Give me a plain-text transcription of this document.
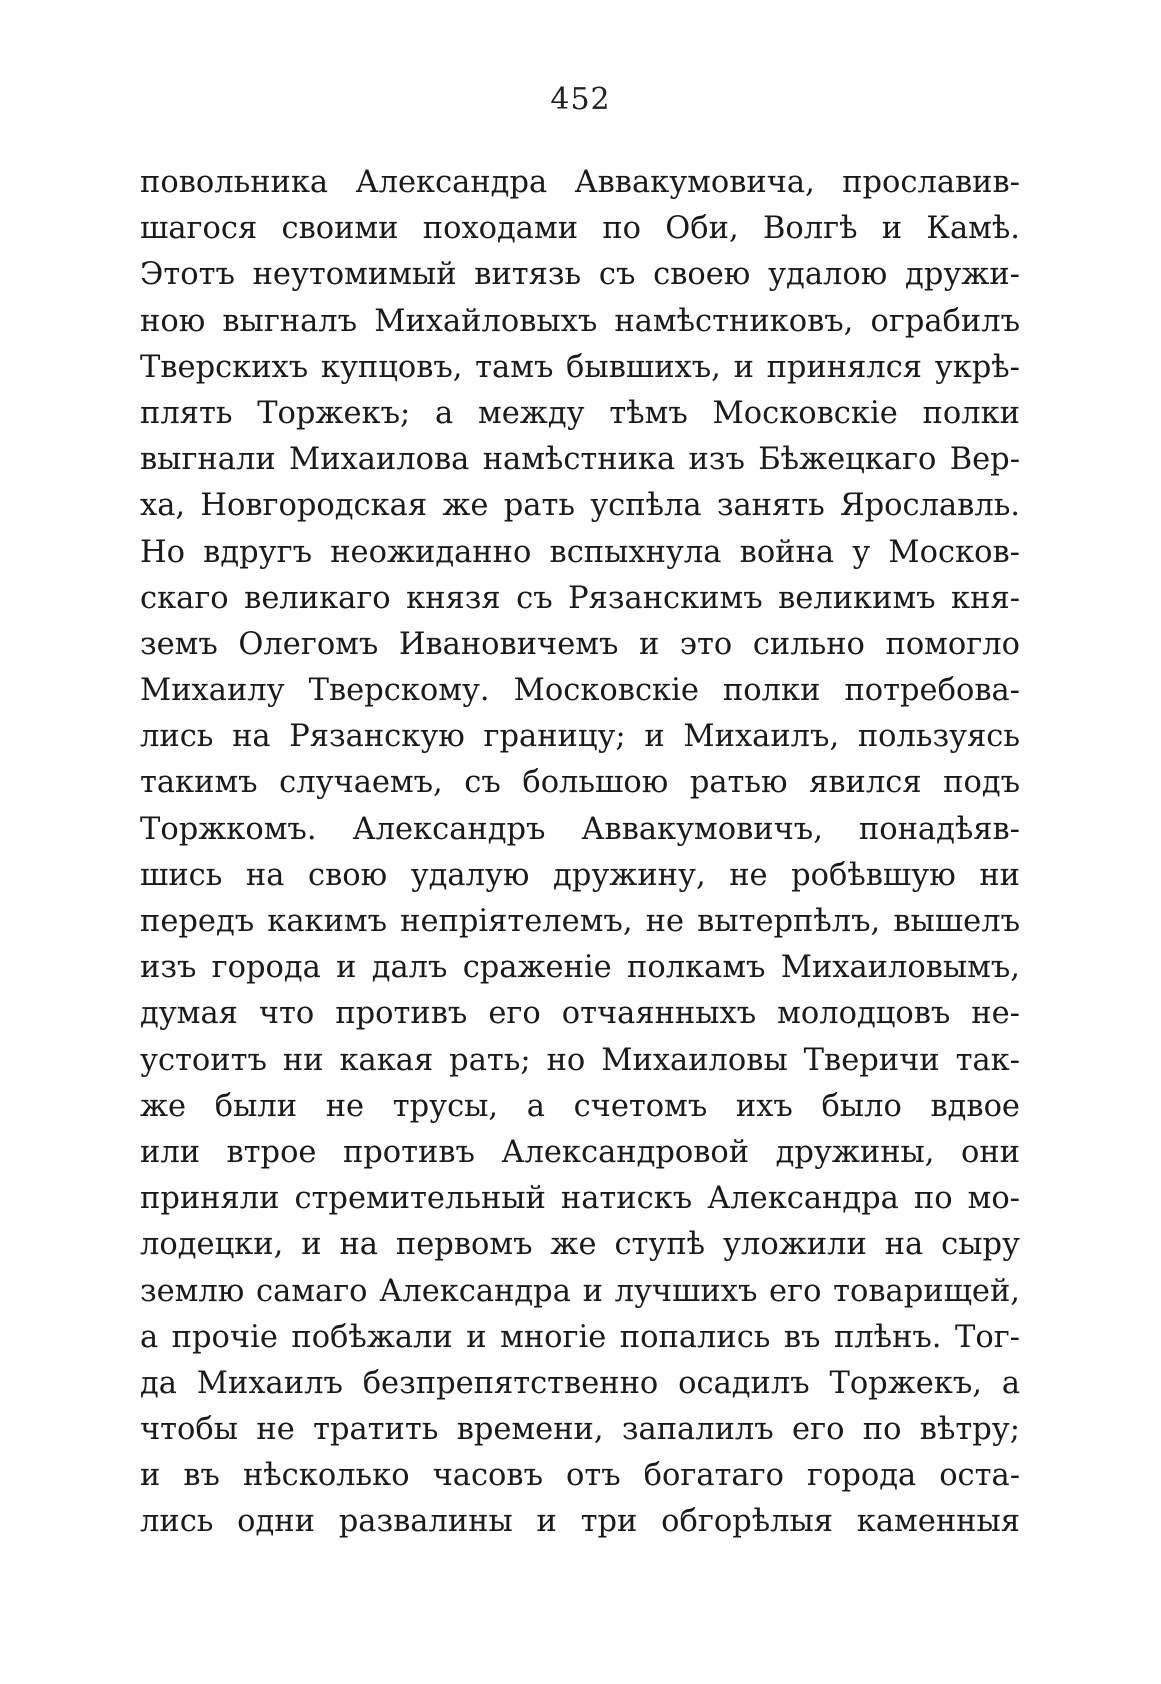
452
повольника Александра Аввакумовича, прославив-
шагося своими походами по Оби, Волгѣ и Камѣ.
Этотъ неутомимый витязь съ своею удалою дружи-
ною выгналъ Михайловыхъ намѣстниковъ, ограбилъ
Тверскихъ купцовъ, тамъ бывшихъ, и принялся укрѣ-
плять Торжекъ; а между тѣмъ Московскіе полки
выгнали Михаилова намѣстника изъ Бѣжецкаго Вер-
ха, Новгородская же рать успѣла занять Ярославль.
Но вдругъ неожиданно вспыхнула война у Москов-
скаго великаго князя съ Рязанскимъ великимъ кня-
земъ Олегомъ Ивановичемъ и это сильно помогло
Михаилу Тверскому. Московскіе полки потребова-
лись на Рязанскую границу; и Михаилъ, пользуясь
такимъ случаемъ, съ большою ратью явился подъ
Торжкомъ. Александръ Аввакумовичъ, понадѣяв-
шись на свою удалую дружину, не робѣвшую ни
передъ какимъ непріятелемъ, не вытерпѣлъ, вышелъ
изъ города и далъ сраженіе полкамъ Михаиловымъ,
думая что противъ его отчаянныхъ молодцовъ не-
устоитъ ни какая рать; но Михаиловы Тверичи так-
же были не трусы, а счетомъ ихъ было вдвое
или втрое противъ Александровой дружины, они
приняли стремительный натискъ Александра по мо-
лодецки, и на первомъ же ступѣ уложили на сыру
землю самаго Александра и лучшихъ его товарищей,
а прочіе побѣжали и многіе попались въ плѣнъ. Тог-
да Михаилъ безпрепятственно осадилъ Торжекъ, а
чтобы не тратить времени, запалилъ его по вѣтру;
и въ нѣсколько часовъ отъ богатаго города оста-
лись одни развалины и три обгорѣлыя каменныя
